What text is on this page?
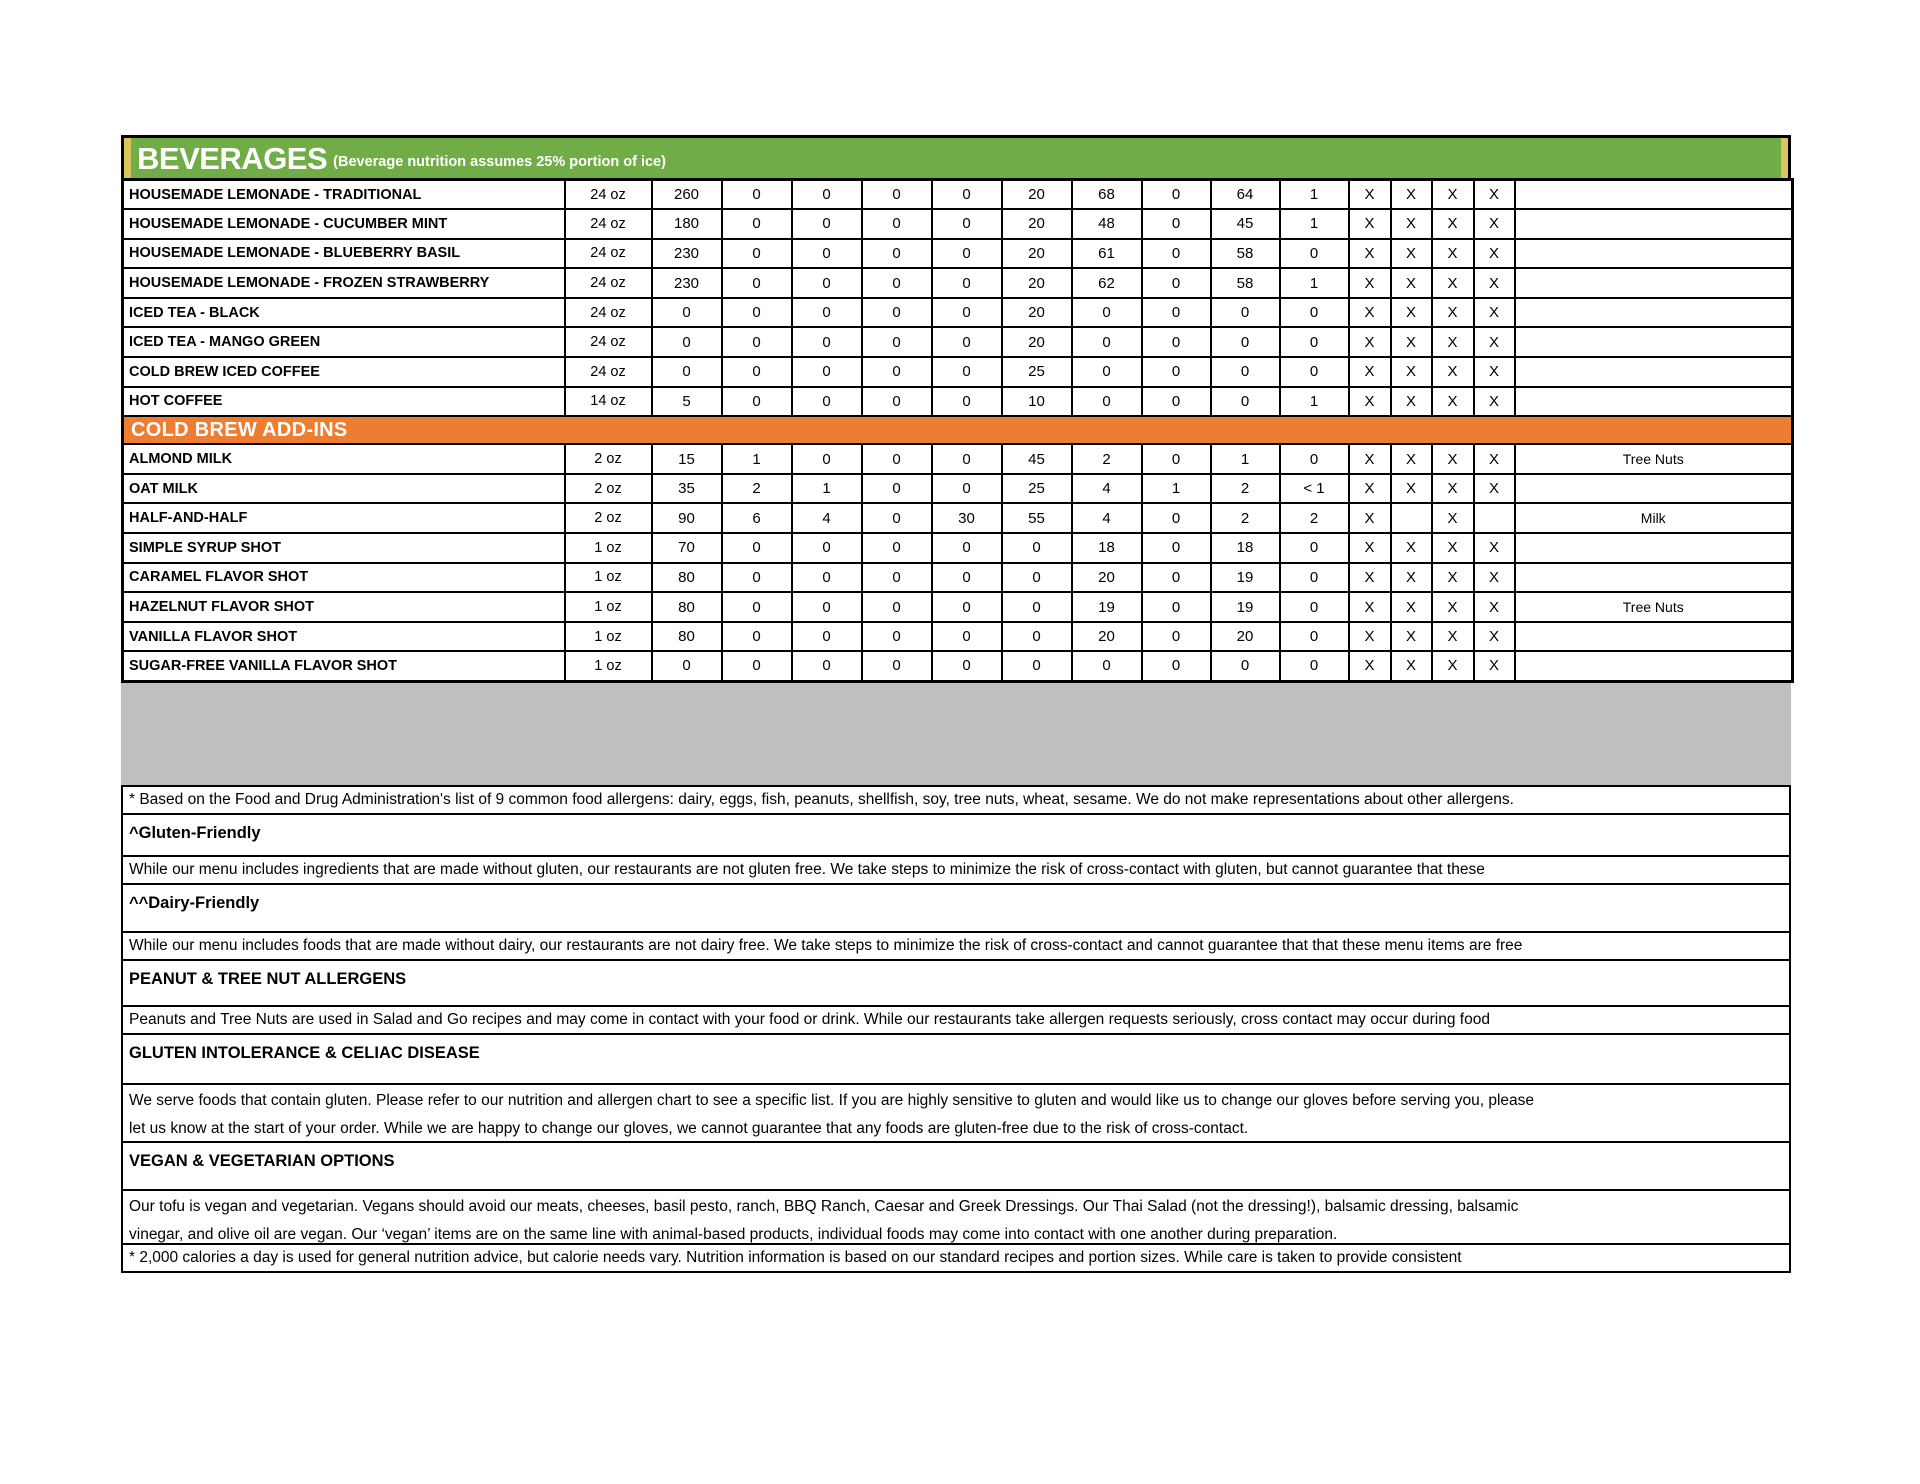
BEVERAGES (Beverage nutrition assumes 25% portion of ice)
HOUSEMADE LEMONADE - TRADITIONAL	24 oz	260	0	0	0	0	20	68	0	64	1	X	X	X	X	
HOUSEMADE LEMONADE - CUCUMBER MINT	24 oz	180	0	0	0	0	20	48	0	45	1	X	X	X	X	
HOUSEMADE LEMONADE - BLUEBERRY BASIL	24 oz	230	0	0	0	0	20	61	0	58	0	X	X	X	X	
HOUSEMADE LEMONADE - FROZEN STRAWBERRY	24 oz	230	0	0	0	0	20	62	0	58	1	X	X	X	X	
ICED TEA - BLACK	24 oz	0	0	0	0	0	20	0	0	0	0	X	X	X	X	
ICED TEA - MANGO GREEN	24 oz	0	0	0	0	0	20	0	0	0	0	X	X	X	X	
COLD BREW ICED COFFEE	24 oz	0	0	0	0	0	25	0	0	0	0	X	X	X	X	
HOT COFFEE	14 oz	5	0	0	0	0	10	0	0	0	1	X	X	X	X	

COLD BREW ADD-INS																

ALMOND MILK	2 oz	15	1	0	0	0	45	2	0	1	0	X	X	X	X	Tree Nuts
OAT MILK	2 oz	35	2	1	0	0	25	4	1	2	< 1	X	X	X	X	
HALF-AND-HALF	2 oz	90	6	4	0	30	55	4	0	2	2	X		X		Milk
SIMPLE SYRUP SHOT	1 oz	70	0	0	0	0	0	18	0	18	0	X	X	X	X	
CARAMEL FLAVOR SHOT	1 oz	80	0	0	0	0	0	20	0	19	0	X	X	X	X	
HAZELNUT FLAVOR SHOT	1 oz	80	0	0	0	0	0	19	0	19	0	X	X	X	X	Tree Nuts
VANILLA FLAVOR SHOT	1 oz	80	0	0	0	0	0	20	0	20	0	X	X	X	X	
SUGAR-FREE VANILLA FLAVOR SHOT	1 oz	0	0	0	0	0	0	0	0	0	0	X	X	X	X	
* Based on the Food and Drug Administration's list of 9 common food allergens: dairy, eggs, fish, peanuts, shellfish, soy, tree nuts, wheat, sesame. We do not make representations about other allergens.
^Gluten-Friendly
While our menu includes ingredients that are made without gluten, our restaurants are not gluten free. We take steps to minimize the risk of cross-contact with gluten, but cannot guarantee that these
^^Dairy-Friendly
While our menu includes foods that are made without dairy, our restaurants are not dairy free. We take steps to minimize the risk of cross-contact and cannot guarantee that that these menu items are free
PEANUT & TREE NUT ALLERGENS
Peanuts and Tree Nuts are used in Salad and Go recipes and may come in contact with your food or drink. While our restaurants take allergen requests seriously, cross contact may occur during food
GLUTEN INTOLERANCE & CELIAC DISEASE
We serve foods that contain gluten. Please refer to our nutrition and allergen chart to see a specific list. If you are highly sensitive to gluten and would like us to change our gloves before serving you, please
let us know at the start of your order. While we are happy to change our gloves, we cannot guarantee that any foods are gluten-free due to the risk of cross-contact.
VEGAN & VEGETARIAN OPTIONS
Our tofu is vegan and vegetarian. Vegans should avoid our meats, cheeses, basil pesto, ranch, BBQ Ranch, Caesar and Greek Dressings. Our Thai Salad (not the dressing!), balsamic dressing, balsamic
vinegar, and olive oil are vegan. Our ‘vegan’ items are on the same line with animal-based products, individual foods may come into contact with one another during preparation.
* 2,000 calories a day is used for general nutrition advice, but calorie needs vary. Nutrition information is based on our standard recipes and portion sizes. While care is taken to provide consistent
